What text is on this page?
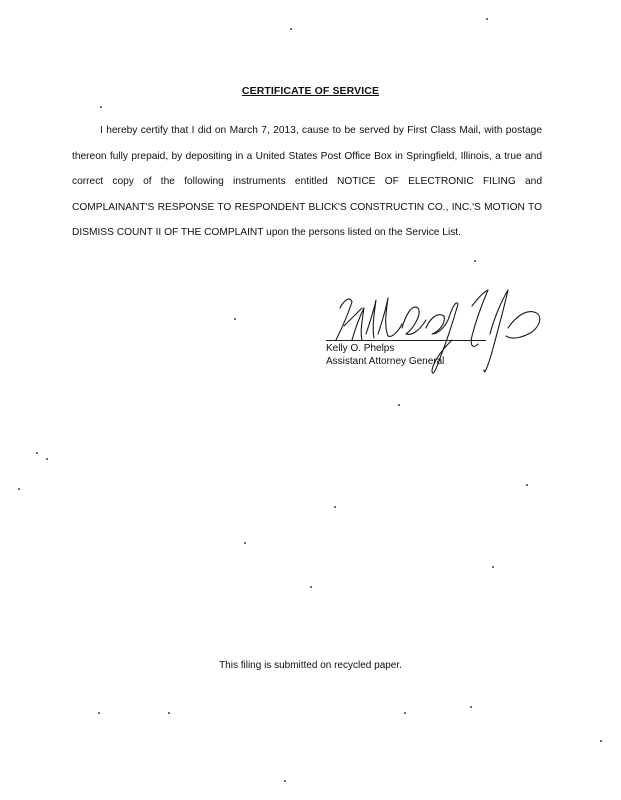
CERTIFICATE OF SERVICE

I hereby certify that I did on March 7, 2013, cause to be served by First Class Mail, with postage thereon fully prepaid, by depositing in a United States Post Office Box in Springfield, Illinois, a true and correct copy of the following instruments entitled NOTICE OF ELECTRONIC FILING and COMPLAINANT'S RESPONSE TO RESPONDENT BLICK'S CONSTRUCTIN CO., INC.'S MOTION TO DISMISS COUNT II OF THE COMPLAINT upon the persons listed on the Service List.

Kelly O. Phelps
Assistant Attorney General
This filing is submitted on recycled paper.
